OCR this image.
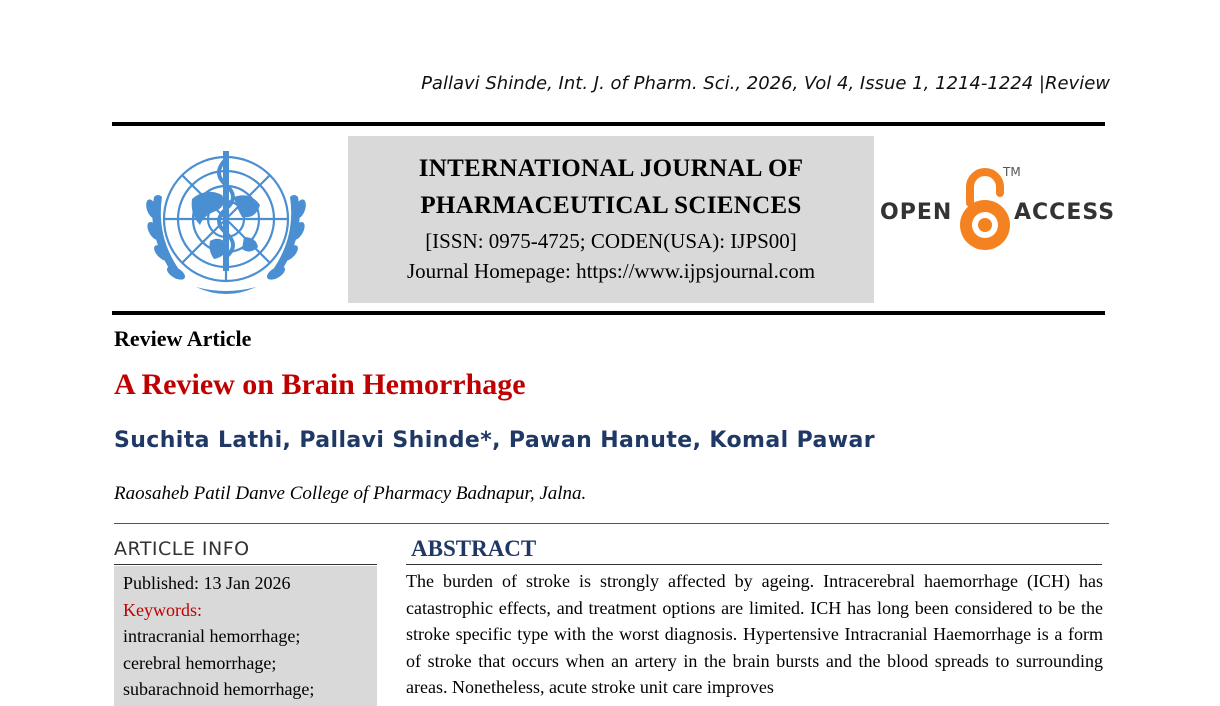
Pallavi Shinde, Int. J. of Pharm. Sci., 2026, Vol 4, Issue 1, 1214-1224 |Review
INTERNATIONAL JOURNAL OF
PHARMACEUTICAL SCIENCES
[ISSN: 0975-4725; CODEN(USA): IJPS00]
Journal Homepage: https://www.ijpsjournal.com
OPEN
TM
ACCESS
Review Article
A Review on Brain Hemorrhage
Suchita Lathi, Pallavi Shinde*, Pawan Hanute, Komal Pawar
Raosaheb Patil Danve College of Pharmacy Badnapur, Jalna.
ARTICLE INFO
Published: 13 Jan 2026
Keywords:
intracranial hemorrhage;
cerebral hemorrhage;
subarachnoid hemorrhage;
ABSTRACT

The burden of stroke is strongly affected by ageing. Intracerebral haemorrhage (ICH) has catastrophic effects, and treatment options are limited. ICH has long been considered to be the stroke specific type with the worst diagnosis. Hypertensive Intracranial Haemorrhage is a form of stroke that occurs when an artery in the brain bursts and the blood spreads to surrounding areas. Nonetheless, acute stroke unit care improves
